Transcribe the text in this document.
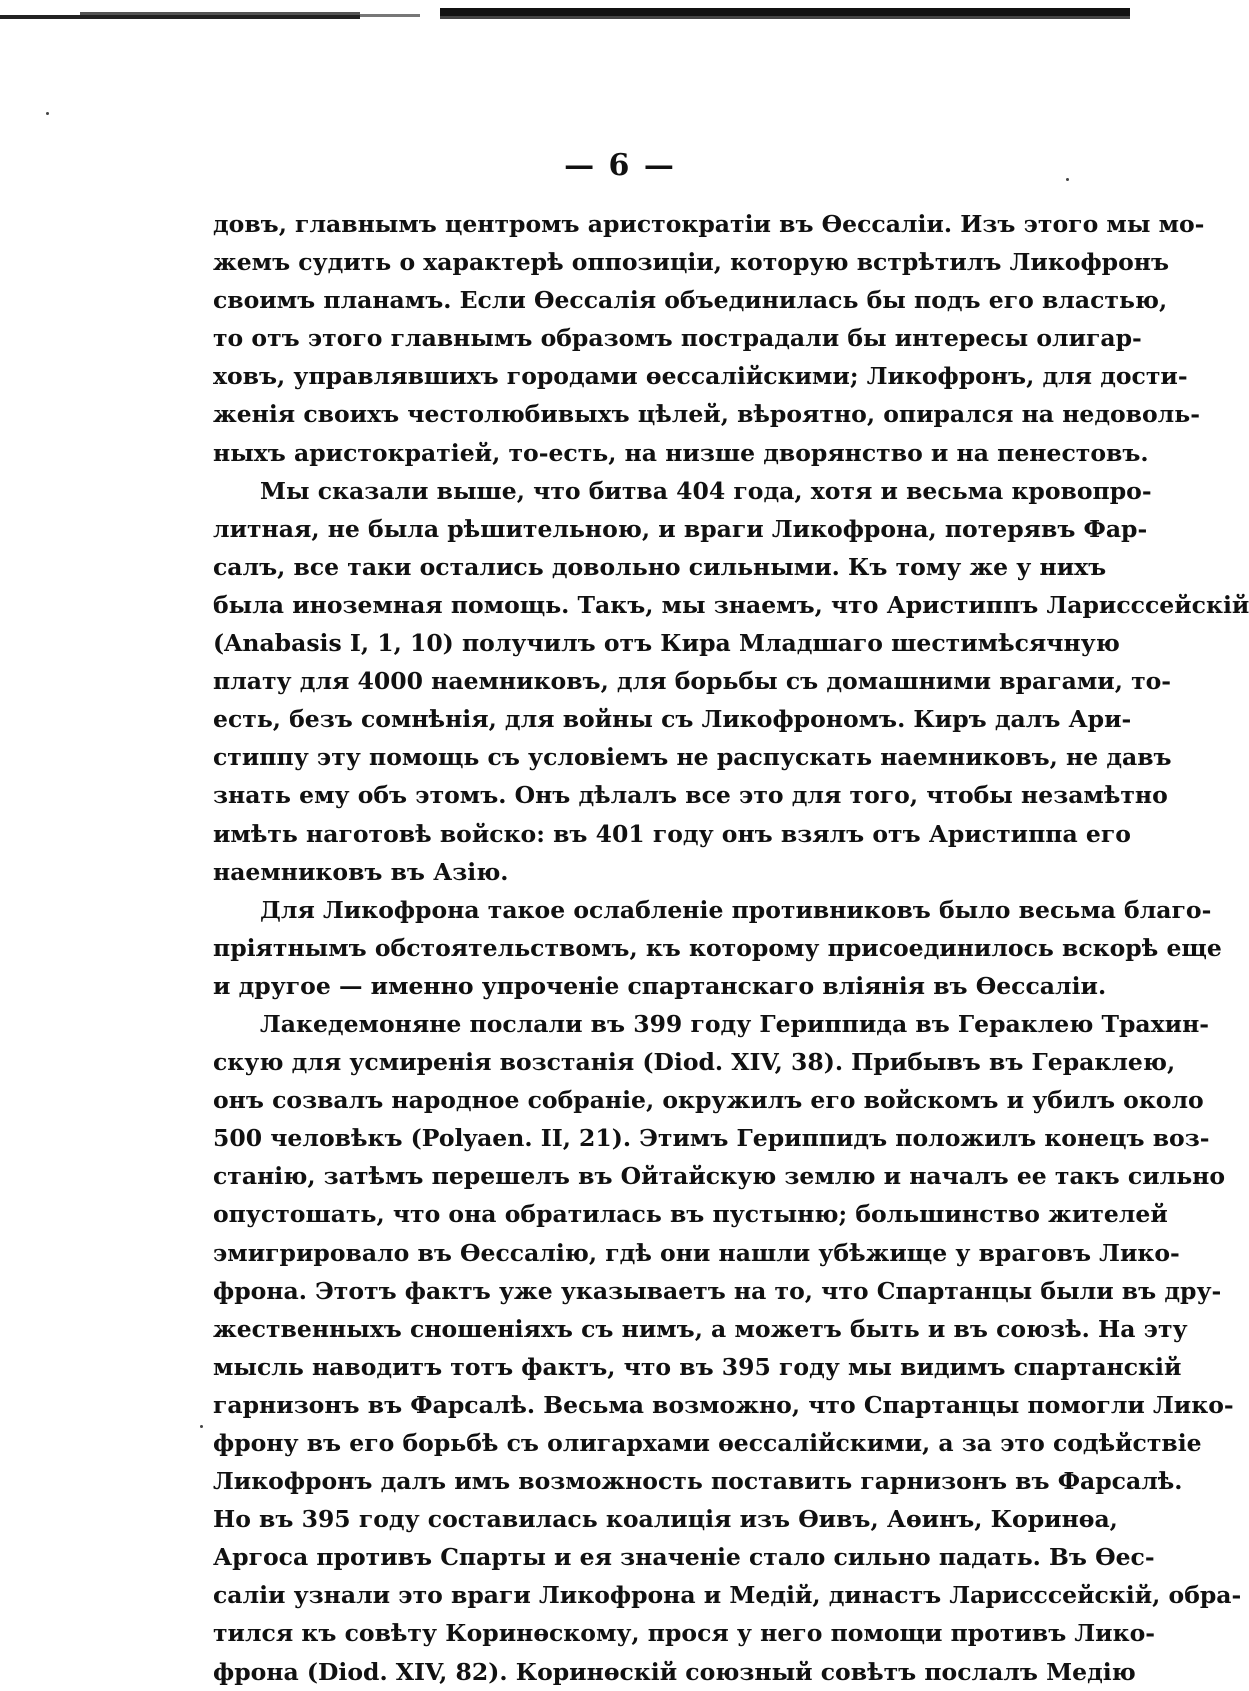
— 6 —
довъ, главнымъ центромъ аристократіи въ Өессаліи. Изъ этого мы мо-
жемъ судить о характерѣ оппозиціи, которую встрѣтилъ Ликофронъ
своимъ планамъ. Если Өессалія объединилась бы подъ его властью,
то отъ этого главнымъ образомъ пострадали бы интересы олигар-
ховъ, управлявшихъ городами өессалійскими; Ликофронъ, для дости-
женія своихъ честолюбивыхъ цѣлей, вѣроятно, опирался на недоволь-
ныхъ аристократіей, то-есть, на низше дворянство и на пенестовъ.
Мы сказали выше, что битва 404 года, хотя и весьма кровопро-
литная, не была рѣшительною, и враги Ликофрона, потерявъ Фар-
салъ, все таки остались довольно сильными. Къ тому же у нихъ
была иноземная помощь. Такъ, мы знаемъ, что Аристиппъ Ларисссейскій
(Anabasis I, 1, 10) получилъ отъ Кира Младшаго шестимѣсячную
плату для 4000 наемниковъ, для борьбы съ домашними врагами, то-
есть, безъ сомнѣнія, для войны съ Ликофрономъ. Киръ далъ Ари-
стиппу эту помощь съ условіемъ не распускать наемниковъ, не давъ
знать ему объ этомъ. Онъ дѣлалъ все это для того, чтобы незамѣтно
имѣть наготовѣ войско: въ 401 году онъ взялъ отъ Аристиппа его
наемниковъ въ Азію.
Для Ликофрона такое ослабленіе противниковъ было весьма благо-
пріятнымъ обстоятельствомъ, къ которому присоединилось вскорѣ еще
и другое — именно упроченіе спартанскаго вліянія въ Өессаліи.
Лакедемоняне послали въ 399 году Гериппида въ Гераклею Трахин-
скую для усмиренія возстанія (Diod. XIV, 38). Прибывъ въ Гераклею,
онъ созвалъ народное собраніе, окружилъ его войскомъ и убилъ около
500 человѣкъ (Polyaen. II, 21). Этимъ Гериппидъ положилъ конецъ воз-
станію, затѣмъ перешелъ въ Ойтайскую землю и началъ ее такъ сильно
опустошать, что она обратилась въ пустыню; большинство жителей
эмигрировало въ Өессалію, гдѣ они нашли убѣжище у враговъ Лико-
фрона. Этотъ фактъ уже указываетъ на то, что Спартанцы были въ дру-
жественныхъ сношеніяхъ съ нимъ, а можетъ быть и въ союзѣ. На эту
мысль наводитъ тотъ фактъ, что въ 395 году мы видимъ спартанскій
гарнизонъ въ Фарсалѣ. Весьма возможно, что Спартанцы помогли Лико-
фрону въ его борьбѣ съ олигархами өессалійскими, а за это содѣйствіе
Ликофронъ далъ имъ возможность поставить гарнизонъ въ Фарсалѣ.
Но въ 395 году составилась коалиція изъ Өивъ, Аөинъ, Коринөа,
Аргоса противъ Спарты и ея значеніе стало сильно падать. Въ Өес-
саліи узнали это враги Ликофрона и Медій, династъ Ларисссейскій, обра-
тился къ совѣту Коринөскому, прося у него помощи противъ Лико-
фрона (Diod. XIV, 82). Коринөскій союзный совѣтъ послалъ Медію
